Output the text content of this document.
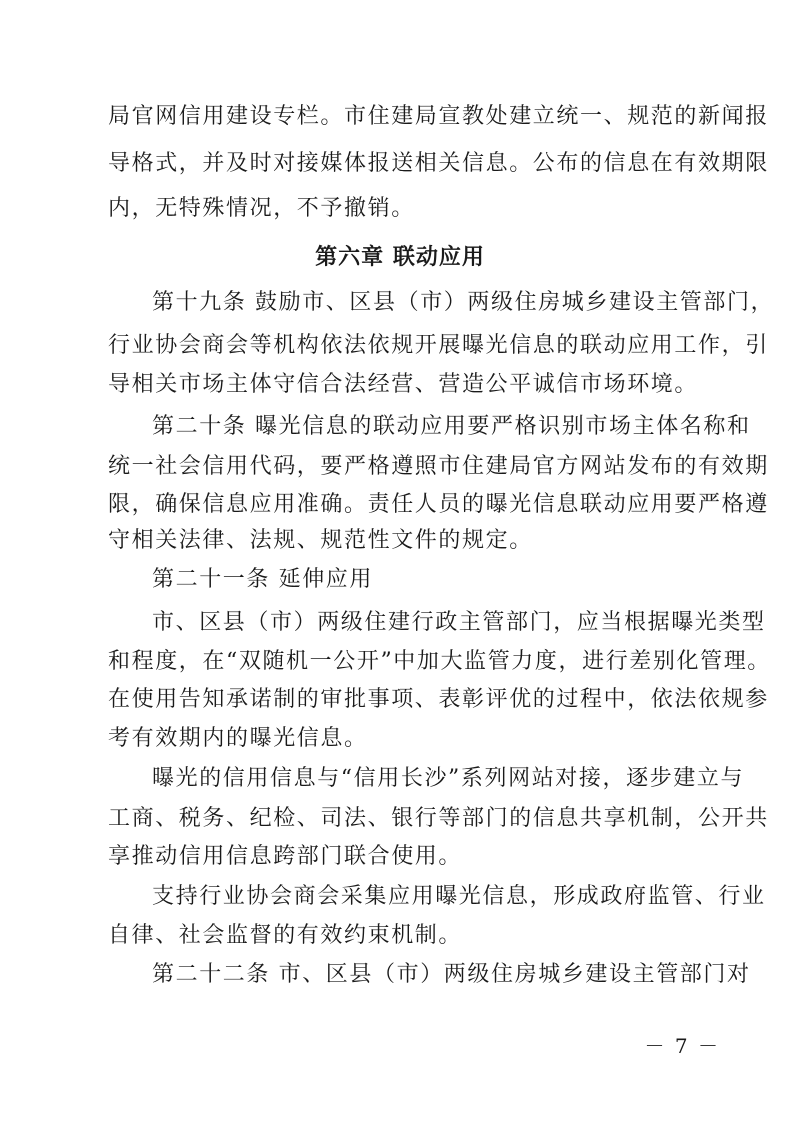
局官网信用建设专栏。市住建局宣教处建立统一、规范的新闻报
导格式，并及时对接媒体报送相关信息。公布的信息在有效期限
内，无特殊情况，不予撤销。
第六章 联动应用
第十九条 鼓励市、区县（市）两级住房城乡建设主管部门，
行业协会商会等机构依法依规开展曝光信息的联动应用工作，引
导相关市场主体守信合法经营、营造公平诚信市场环境。
第二十条 曝光信息的联动应用要严格识别市场主体名称和
统一社会信用代码，要严格遵照市住建局官方网站发布的有效期
限，确保信息应用准确。责任人员的曝光信息联动应用要严格遵
守相关法律、法规、规范性文件的规定。
第二十一条 延伸应用
市、区县（市）两级住建行政主管部门，应当根据曝光类型
和程度，在“双随机一公开”中加大监管力度，进行差别化管理。
在使用告知承诺制的审批事项、表彰评优的过程中，依法依规参
考有效期内的曝光信息。
曝光的信用信息与“信用长沙”系列网站对接，逐步建立与
工商、税务、纪检、司法、银行等部门的信息共享机制，公开共
享推动信用信息跨部门联合使用。
支持行业协会商会采集应用曝光信息，形成政府监管、行业
自律、社会监督的有效约束机制。
第二十二条 市、区县（市）两级住房城乡建设主管部门对
－ 7 －
